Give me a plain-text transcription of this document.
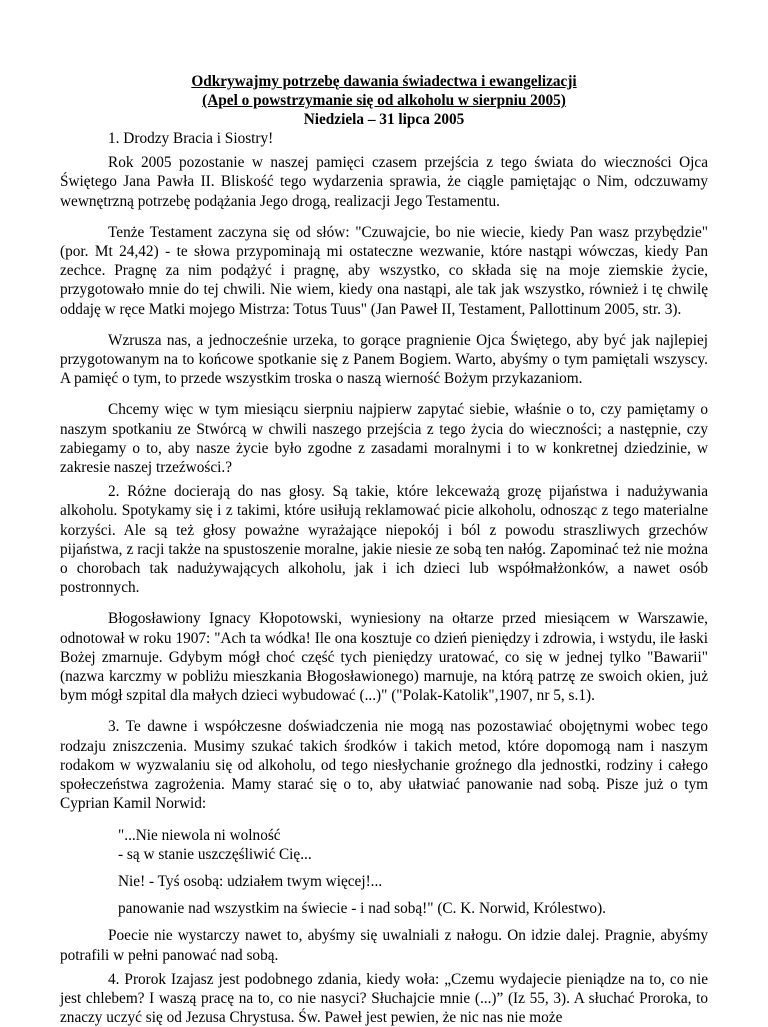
Odkrywajmy potrzebę dawania świadectwa i ewangelizacji
(Apel o powstrzymanie się od alkoholu w sierpniu 2005)
Niedziela – 31 lipca 2005

1. Drodzy Bracia i Siostry!

Rok 2005 pozostanie w naszej pamięci czasem przejścia z tego świata do wieczności Ojca Świętego Jana Pawła II. Bliskość tego wydarzenia sprawia, że ciągle pamiętając o Nim, odczuwamy wewnętrzną potrzebę podążania Jego drogą, realizacji Jego Testamentu.

Tenże Testament zaczyna się od słów: "Czuwajcie, bo nie wiecie, kiedy Pan wasz przybędzie" (por. Mt 24,42) - te słowa przypominają mi ostateczne wezwanie, które nastąpi wówczas, kiedy Pan zechce. Pragnę za nim podążyć i pragnę, aby wszystko, co składa się na moje ziemskie życie, przygotowało mnie do tej chwili. Nie wiem, kiedy ona nastąpi, ale tak jak wszystko, również i tę chwilę oddaję w ręce Matki mojego Mistrza: Totus Tuus" (Jan Paweł II, Testament, Pallottinum 2005, str. 3).

Wzrusza nas, a jednocześnie urzeka, to gorące pragnienie Ojca Świętego, aby być jak najlepiej przygotowanym na to końcowe spotkanie się z Panem Bogiem. Warto, abyśmy o tym pamiętali wszyscy. A pamięć o tym, to przede wszystkim troska o naszą wierność Bożym przykazaniom.

Chcemy więc w tym miesiącu sierpniu najpierw zapytać siebie, właśnie o to, czy pamiętamy o naszym spotkaniu ze Stwórcą w chwili naszego przejścia z tego życia do wieczności; a następnie, czy zabiegamy o to, aby nasze życie było zgodne z zasadami moralnymi i to w konkretnej dziedzinie, w zakresie naszej trzeźwości.?

2. Różne docierają do nas głosy. Są takie, które lekceważą grozę pijaństwa i nadużywania alkoholu. Spotykamy się i z takimi, które usiłują reklamować picie alkoholu, odnosząc z tego materialne korzyści. Ale są też głosy poważne wyrażające niepokój i ból z powodu straszliwych grzechów pijaństwa, z racji także na spustoszenie moralne, jakie niesie ze sobą ten nałóg. Zapominać też nie można o chorobach tak nadużywających alkoholu, jak i ich dzieci lub współmałżonków, a nawet osób postronnych.

Błogosławiony Ignacy Kłopotowski, wyniesiony na ołtarze przed miesiącem w Warszawie, odnotował w roku 1907: "Ach ta wódka! Ile ona kosztuje co dzień pieniędzy i zdrowia, i wstydu, ile łaski Bożej zmarnuje. Gdybym mógł choć część tych pieniędzy uratować, co się w jednej tylko "Bawarii" (nazwa karczmy w pobliżu mieszkania Błogosławionego) marnuje, na którą patrzę ze swoich okien, już bym mógł szpital dla małych dzieci wybudować (...)" ("Polak-Katolik",1907, nr 5, s.1).

3. Te dawne i współczesne doświadczenia nie mogą nas pozostawiać obojętnymi wobec tego rodzaju zniszczenia. Musimy szukać takich środków i takich metod, które dopomogą nam i naszym rodakom w wyzwalaniu się od alkoholu, od tego niesłychanie groźnego dla jednostki, rodziny i całego społeczeństwa zagrożenia. Mamy starać się o to, aby ułatwiać panowanie nad sobą. Pisze już o tym Cyprian Kamil Norwid:

"...Nie niewola ni wolność

- są w stanie uszczęśliwić Cię...

Nie! - Tyś osobą: udziałem twym więcej!...

panowanie nad wszystkim na świecie - i nad sobą!" (C. K. Norwid, Królestwo).

Poecie nie wystarczy nawet to, abyśmy się uwalniali z nałogu. On idzie dalej. Pragnie, abyśmy potrafili w pełni panować nad sobą.

4. Prorok Izajasz jest podobnego zdania, kiedy woła: „Czemu wydajecie pieniądze na to, co nie jest chlebem? I waszą pracę na to, co nie nasyci? Słuchajcie mnie (...)” (Iz 55, 3). A słuchać Proroka, to znaczy uczyć się od Jezusa Chrystusa. Św. Paweł jest pewien, że nic nas nie może
